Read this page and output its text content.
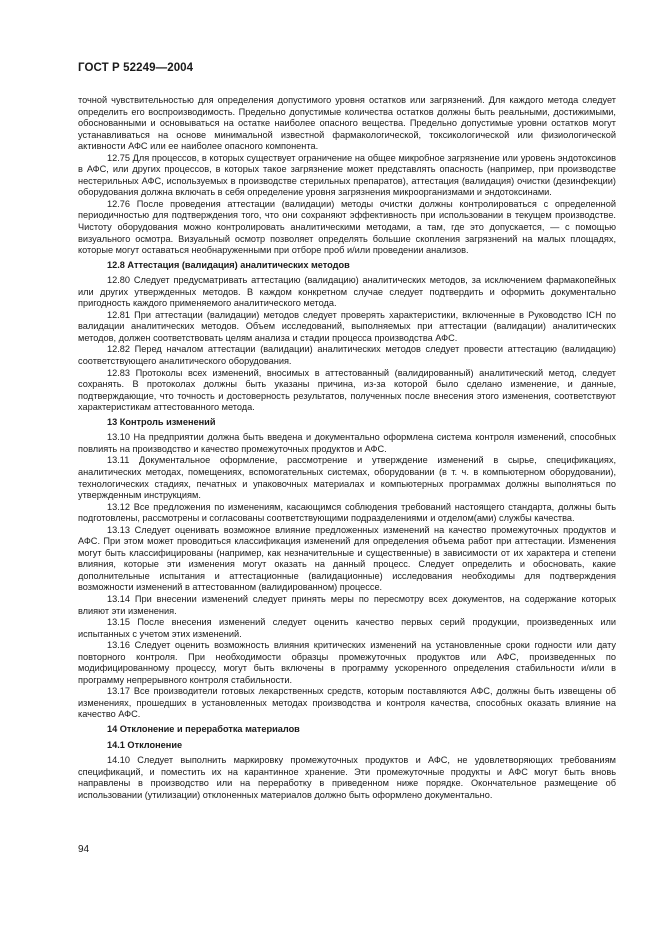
ГОСТ Р 52249—2004

точной чувствительностью для определения допустимого уровня остатков или загрязнений. Для каждого метода следует определить его воспроизводимость. Предельно допустимые количества остатков должны быть реальными, достижимыми, обоснованными и основываться на остатке наиболее опасного вещества. Предельно допустимые уровни остатков могут устанавливаться на основе минимальной известной фармакологической, токсикологической или физиологической активности АФС или ее наиболее опасного компонента.

12.75 Для процессов, в которых существует ограничение на общее микробное загрязнение или уровень эндотоксинов в АФС, или других процессов, в которых такое загрязнение может представлять опасность (например, при производстве нестерильных АФС, используемых в производстве стерильных препаратов), аттестация (валидация) очистки (дезинфекции) оборудования должна включать в себя определение уровня загрязнения микроорганизмами и эндотоксинами.

12.76 После проведения аттестации (валидации) методы очистки должны контролироваться с определенной периодичностью для подтверждения того, что они сохраняют эффективность при использовании в текущем производстве. Чистоту оборудования можно контролировать аналитическими методами, а там, где это допускается, — с помощью визуального осмотра. Визуальный осмотр позволяет определять большие скопления загрязнений на малых площадях, которые могут оставаться необнаруженными при отборе проб и/или проведении анализов.

12.8 Аттестация (валидация) аналитических методов

12.80 Следует предусматривать аттестацию (валидацию) аналитических методов, за исключением фармакопейных или других утвержденных методов. В каждом конкретном случае следует подтвердить и оформить документально пригодность каждого применяемого аналитического метода.

12.81 При аттестации (валидации) методов следует проверять характеристики, включенные в Руководство ICH по валидации аналитических методов. Объем исследований, выполняемых при аттестации (валидации) аналитических методов, должен соответствовать целям анализа и стадии процесса производства АФС.

12.82 Перед началом аттестации (валидации) аналитических методов следует провести аттестацию (валидацию) соответствующего аналитического оборудования.

12.83 Протоколы всех изменений, вносимых в аттестованный (валидированный) аналитический метод, следует сохранять. В протоколах должны быть указаны причина, из-за которой было сделано изменение, и данные, подтверждающие, что точность и достоверность результатов, полученных после внесения этого изменения, соответствуют характеристикам аттестованного метода.

13 Контроль изменений

13.10 На предприятии должна быть введена и документально оформлена система контроля изменений, способных повлиять на производство и качество промежуточных продуктов и АФС.

13.11 Документальное оформление, рассмотрение и утверждение изменений в сырье, спецификациях, аналитических методах, помещениях, вспомогательных системах, оборудовании (в т. ч. в компьютерном оборудовании), технологических стадиях, печатных и упаковочных материалах и компьютерных программах должны выполняться по утвержденным инструкциям.

13.12 Все предложения по изменениям, касающимся соблюдения требований настоящего стандарта, должны быть подготовлены, рассмотрены и согласованы соответствующими подразделениями и отделом(ами) службы качества.

13.13 Следует оценивать возможное влияние предложенных изменений на качество промежуточных продуктов и АФС. При этом может проводиться классификация изменений для определения объема работ при аттестации. Изменения могут быть классифицированы (например, как незначительные и существенные) в зависимости от их характера и степени влияния, которые эти изменения могут оказать на данный процесс. Следует определить и обосновать, какие дополнительные испытания и аттестационные (валидационные) исследования необходимы для подтверждения возможности изменений в аттестованном (валидированном) процессе.

13.14 При внесении изменений следует принять меры по пересмотру всех документов, на содержание которых влияют эти изменения.

13.15 После внесения изменений следует оценить качество первых серий продукции, произведенных или испытанных с учетом этих изменений.

13.16 Следует оценить возможность влияния критических изменений на установленные сроки годности или дату повторного контроля. При необходимости образцы промежуточных продуктов или АФС, произведенных по модифицированному процессу, могут быть включены в программу ускоренного определения стабильности и/или в программу непрерывного контроля стабильности.

13.17 Все производители готовых лекарственных средств, которым поставляются АФС, должны быть извещены об изменениях, прошедших в установленных методах производства и контроля качества, способных оказать влияние на качество АФС.

14 Отклонение и переработка материалов
14.1 Отклонение

14.10 Следует выполнить маркировку промежуточных продуктов и АФС, не удовлетворяющих требованиям спецификаций, и поместить их на карантинное хранение. Эти промежуточные продукты и АФС могут быть вновь направлены в производство или на переработку в приведенном ниже порядке. Окончательное размещение об использовании (утилизации) отклоненных материалов должно быть оформлено документально.

94
